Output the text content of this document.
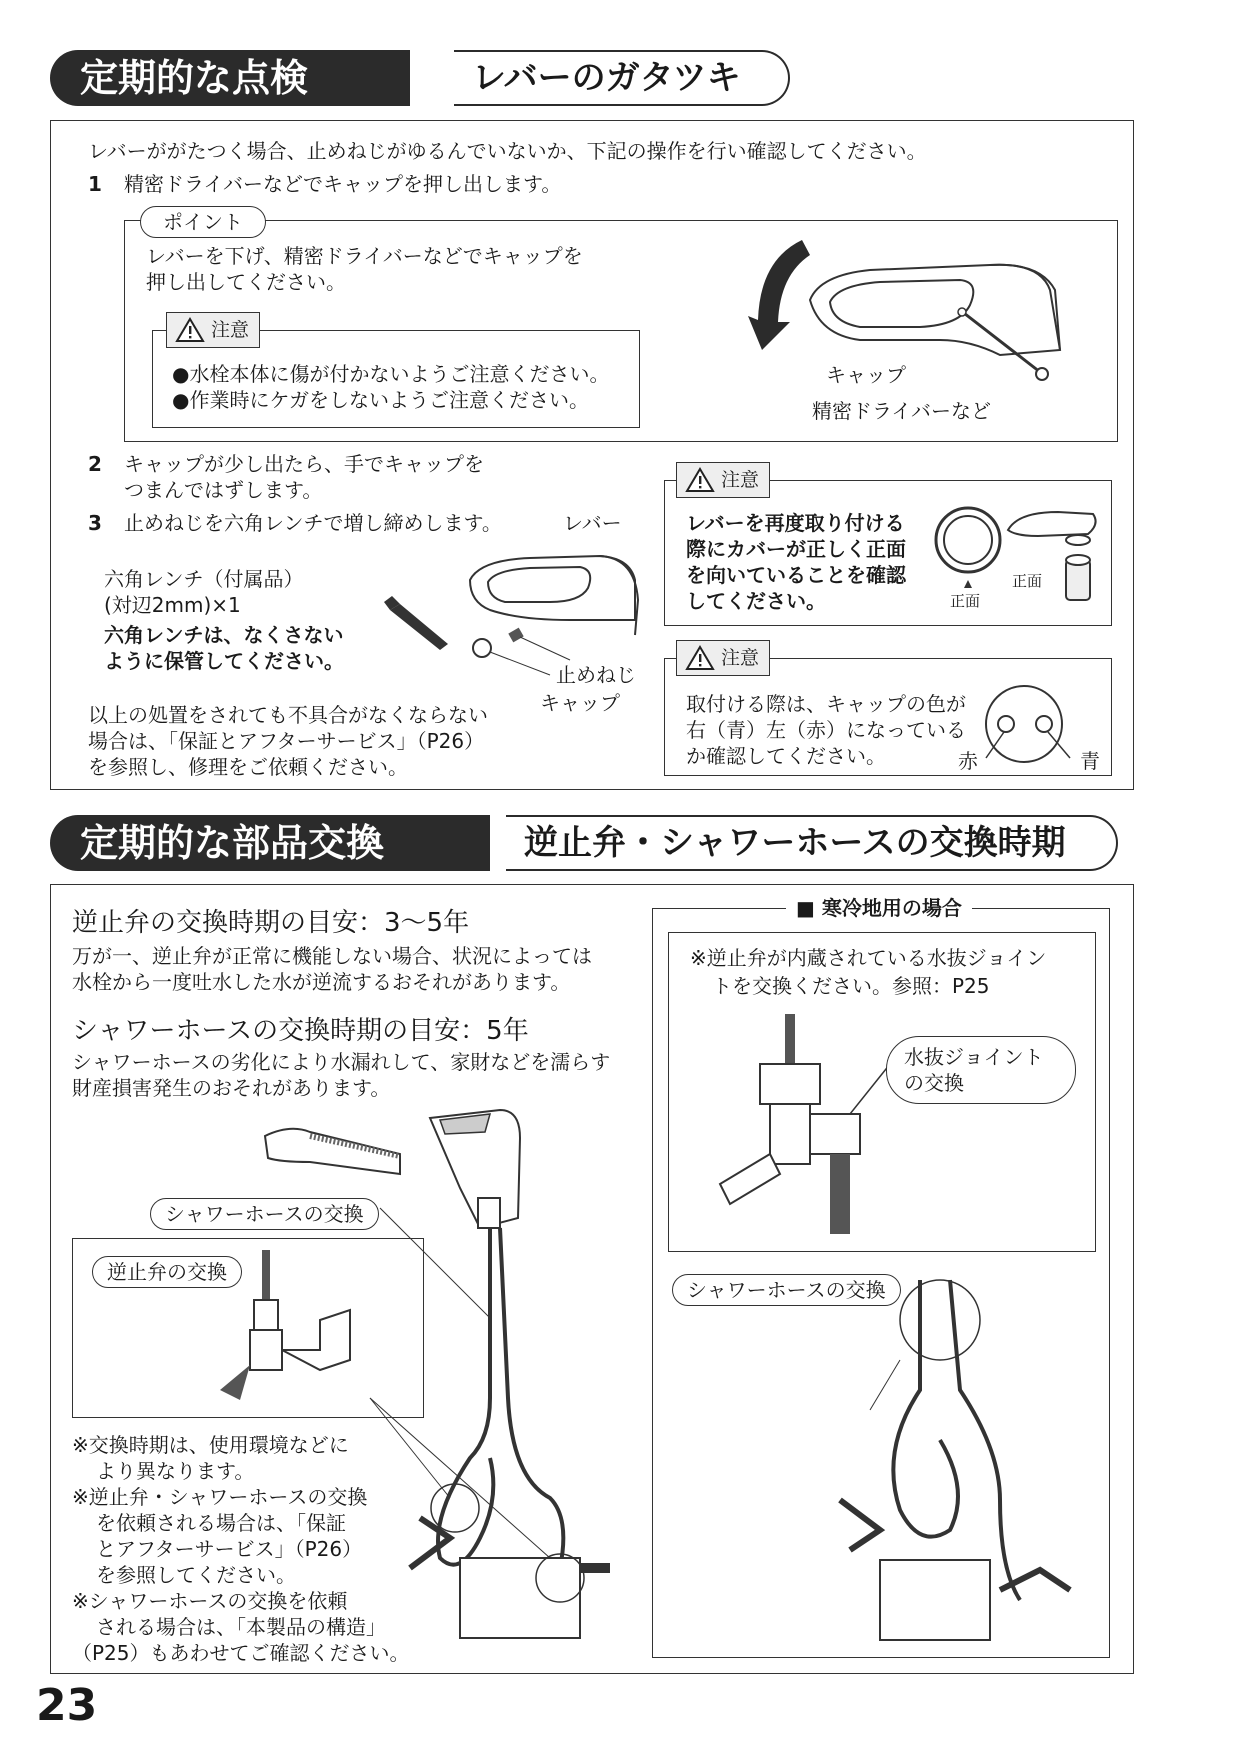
定期的な点検	レバーのガタツキ
レバーががたつく場合、止めねじがゆるんでいないか、下記の操作を行い確認してください。
1 精密ドライバーなどでキャップを押し出します。
ポイント
レバーを下げ、精密ドライバーなどでキャップを
押し出してください。
注意
●水栓本体に傷が付かないようご注意ください。
●作業時にケガをしないようご注意ください。
キャップ
精密ドライバーなど
2 キャップが少し出たら、手でキャップを
つまんではずします。
3 止めねじを六角レンチで増し締めします。	レバー
六角レンチ（付属品）
(対辺2mm)×1
六角レンチは、なくさない
ように保管してください。
止めねじ
キャップ
以上の処置をされても不具合がなくならない
場合は、「保証とアフターサービス」（P26）
を参照し、修理をご依頼ください。
注意
レバーを再度取り付ける
際にカバーが正しく正面
を向いていることを確認
してください。	正面
正面
注意
取付ける際は、キャップの色が
右（青）左（赤）になっている
か確認してください。	赤	青
定期的な部品交換	逆止弁・シャワーホースの交換時期
逆止弁の交換時期の目安：3〜5年
万が一、逆止弁が正常に機能しない場合、状況によっては
水栓から一度吐水した水が逆流するおそれがあります。
シャワーホースの交換時期の目安：5年
シャワーホースの劣化により水漏れして、家財などを濡らす
財産損害発生のおそれがあります。
シャワーホースの交換
逆止弁の交換
※交換時期は、使用環境などに
より異なります。
※逆止弁・シャワーホースの交換
を依頼される場合は、「保証
とアフターサービス」（P26）
を参照してください。
※シャワーホースの交換を依頼
される場合は、「本製品の構造」
（P25）もあわせてご確認ください。
■ 寒冷地用の場合
※逆止弁が内蔵されている水抜ジョイン
トを交換ください。参照：P25
水抜ジョイント
の交換
シャワーホースの交換
23
